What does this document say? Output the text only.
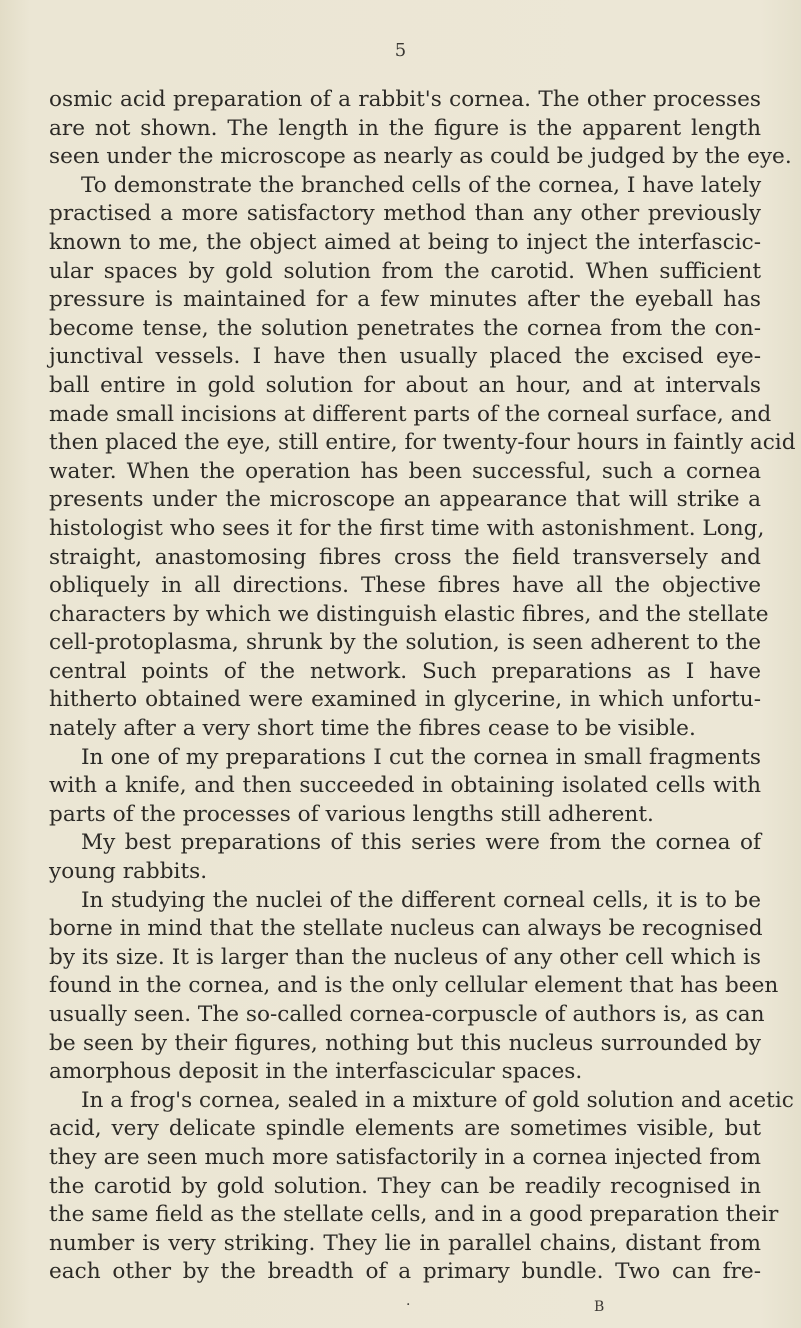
5
osmic acid preparation of a rabbit's cornea. The other processes
are not shown. The length in the figure is the apparent length
seen under the microscope as nearly as could be judged by the eye.
To demonstrate the branched cells of the cornea, I have lately
practised a more satisfactory method than any other previously
known to me, the object aimed at being to inject the interfascic-
ular spaces by gold solution from the carotid. When sufficient
pressure is maintained for a few minutes after the eyeball has
become tense, the solution penetrates the cornea from the con-
junctival vessels. I have then usually placed the excised eye-
ball entire in gold solution for about an hour, and at intervals
made small incisions at different parts of the corneal surface, and
then placed the eye, still entire, for twenty-four hours in faintly acid
water. When the operation has been successful, such a cornea
presents under the microscope an appearance that will strike a
histologist who sees it for the first time with astonishment. Long,
straight, anastomosing fibres cross the field transversely and
obliquely in all directions. These fibres have all the objective
characters by which we distinguish elastic fibres, and the stellate
cell-protoplasma, shrunk by the solution, is seen adherent to the
central points of the network. Such preparations as I have
hitherto obtained were examined in glycerine, in which unfortu-
nately after a very short time the fibres cease to be visible.
In one of my preparations I cut the cornea in small fragments
with a knife, and then succeeded in obtaining isolated cells with
parts of the processes of various lengths still adherent.
My best preparations of this series were from the cornea of
young rabbits.
In studying the nuclei of the different corneal cells, it is to be
borne in mind that the stellate nucleus can always be recognised
by its size. It is larger than the nucleus of any other cell which is
found in the cornea, and is the only cellular element that has been
usually seen. The so-called cornea-corpuscle of authors is, as can
be seen by their figures, nothing but this nucleus surrounded by
amorphous deposit in the interfascicular spaces.
In a frog's cornea, sealed in a mixture of gold solution and acetic
acid, very delicate spindle elements are sometimes visible, but
they are seen much more satisfactorily in a cornea injected from
the carotid by gold solution. They can be readily recognised in
the same field as the stellate cells, and in a good preparation their
number is very striking. They lie in parallel chains, distant from
each other by the breadth of a primary bundle. Two can fre-
·	B
